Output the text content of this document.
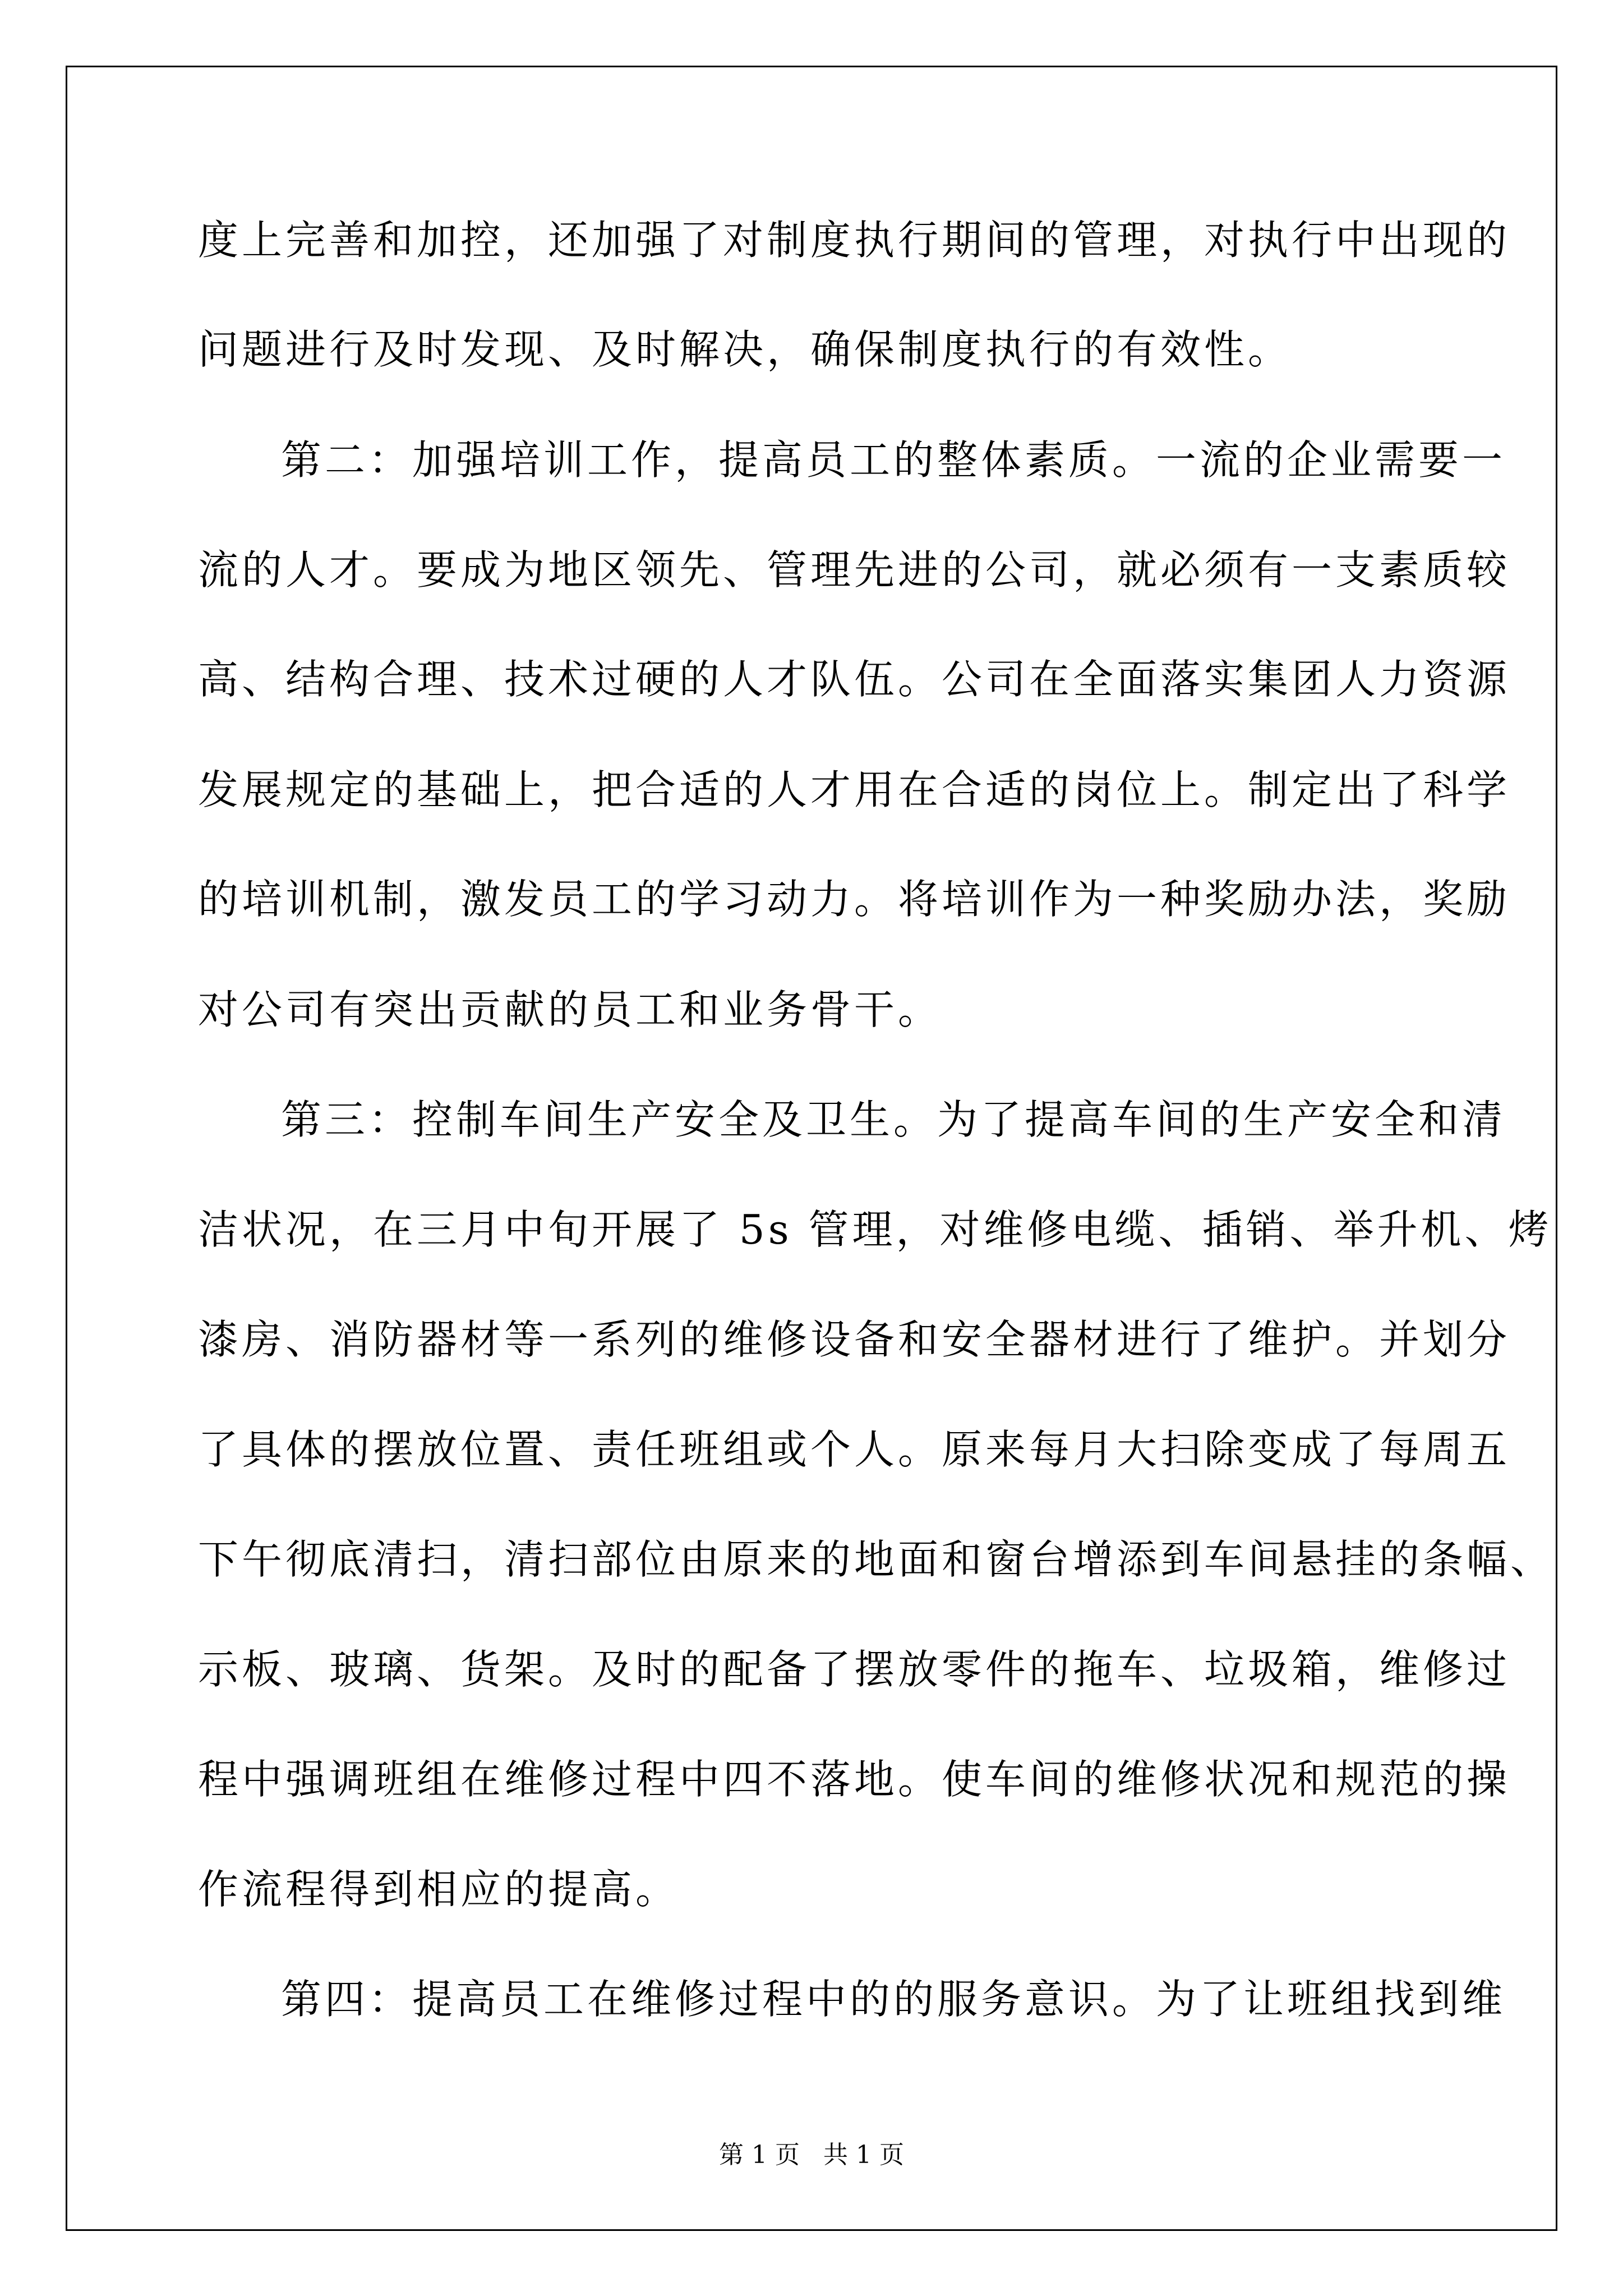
度上完善和加控，还加强了对制度执行期间的管理，对执行中出现的
问题进行及时发现、及时解决，确保制度执行的有效性。
第二：加强培训工作，提高员工的整体素质。一流的企业需要一
流的人才。要成为地区领先、管理先进的公司，就必须有一支素质较
高、结构合理、技术过硬的人才队伍。公司在全面落实集团人力资源
发展规定的基础上，把合适的人才用在合适的岗位上。制定出了科学
的培训机制，激发员工的学习动力。将培训作为一种奖励办法，奖励
对公司有突出贡献的员工和业务骨干。
第三：控制车间生产安全及卫生。为了提高车间的生产安全和清
洁状况，在三月中旬开展了 5s 管理，对维修电缆、插销、举升机、烤
漆房、消防器材等一系列的维修设备和安全器材进行了维护。并划分
了具体的摆放位置、责任班组或个人。原来每月大扫除变成了每周五
下午彻底清扫，清扫部位由原来的地面和窗台增添到车间悬挂的条幅、
示板、玻璃、货架。及时的配备了摆放零件的拖车、垃圾箱，维修过
程中强调班组在维修过程中四不落地。使车间的维修状况和规范的操
作流程得到相应的提高。
第四：提高员工在维修过程中的的服务意识。为了让班组找到维
第 1 页   共 1 页
